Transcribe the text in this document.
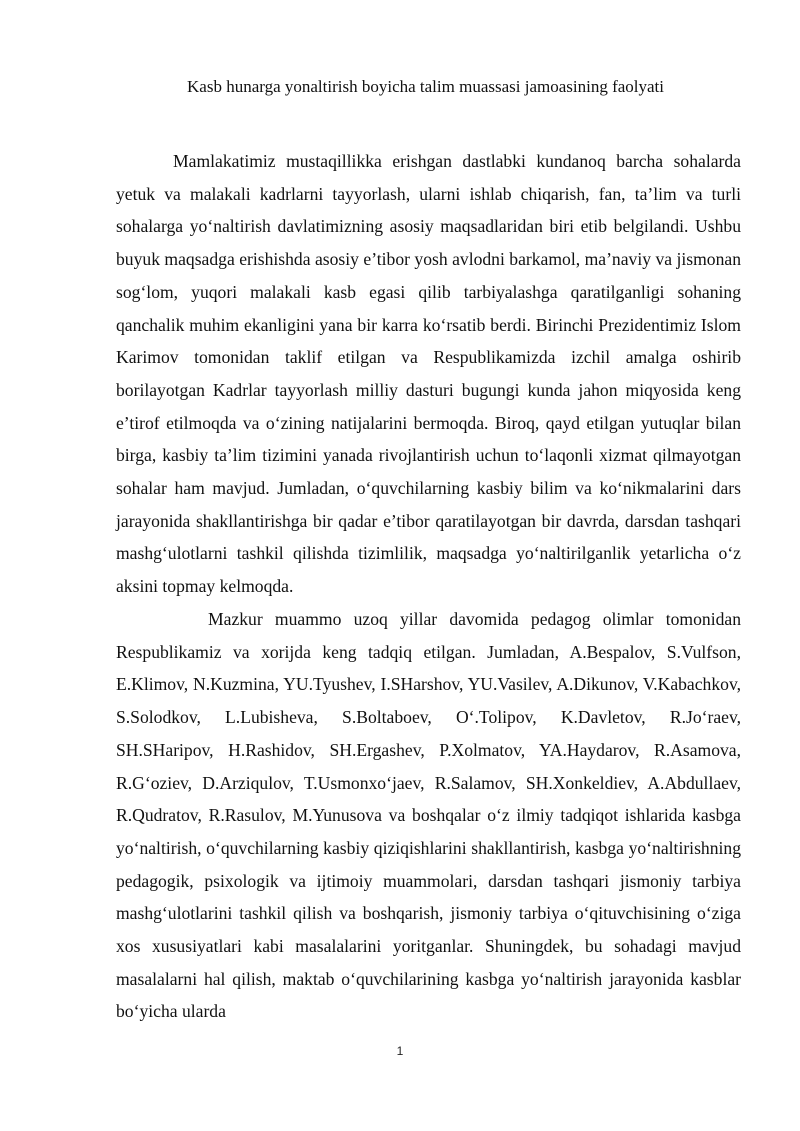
Kasb hunarga yonaltirish boyicha talim muassasi jamoasining faolyati

Mamlakatimiz mustaqillikka erishgan dastlabki kundanoq barcha sohalarda yetuk va malakali kadrlarni tayyorlash, ularni ishlab chiqarish, fan, ta’lim va turli sohalarga yo‘naltirish davlatimizning asosiy maqsadlaridan biri etib belgilandi. Ushbu buyuk maqsadga erishishda asosiy e’tibor yosh avlodni barkamol, ma’naviy va jismonan sog‘lom, yuqori malakali kasb egasi qilib tarbiyalashga qaratilganligi sohaning qanchalik muhim ekanligini yana bir karra ko‘rsatib berdi. Birinchi Prezidentimiz Islom Karimov tomonidan taklif etilgan va Respublikamizda izchil amalga oshirib borilayotgan Kadrlar tayyorlash milliy dasturi bugungi kunda jahon miqyosida keng e’tirof etilmoqda va o‘zining natijalarini bermoqda. Biroq, qayd etilgan yutuqlar bilan birga, kasbiy ta’lim tizimini yanada rivojlantirish uchun to‘laqonli xizmat qilmayotgan sohalar ham mavjud. Jumladan, o‘quvchilarning kasbiy bilim va ko‘nikmalarini dars jarayonida shakllantirishga bir qadar e’tibor qaratilayotgan bir davrda, darsdan tashqari mashg‘ulotlarni tashkil qilishda tizimlilik, maqsadga yo‘naltirilganlik yetarlicha o‘z aksini topmay kelmoqda.

Mazkur muammo uzoq yillar davomida pedagog olimlar tomonidan Respublikamiz va xorijda keng tadqiq etilgan. Jumladan, A.Bespalov, S.Vulfson, E.Klimov, N.Kuzmina, YU.Tyushev, I.SHarshov, YU.Vasilev, A.Dikunov, V.Kabachkov, S.Solodkov, L.Lubisheva, S.Boltaboev, O‘.Tolipov, K.Davletov, R.Jo‘raev, SH.SHaripov, H.Rashidov, SH.Ergashev, P.Xolmatov, YA.Haydarov, R.Asamova, R.G‘oziev, D.Arziqulov, T.Usmonxo‘jaev, R.Salamov, SH.Xonkeldiev, A.Abdullaev, R.Qudratov, R.Rasulov, M.Yunusova va boshqalar o‘z ilmiy tadqiqot ishlarida kasbga yo‘naltirish, o‘quvchilarning kasbiy qiziqishlarini shakllantirish, kasbga yo‘naltirishning pedagogik, psixologik va ijtimoiy muammolari, darsdan tashqari jismoniy tarbiya mashg‘ulotlarini tashkil qilish va boshqarish, jismoniy tarbiya o‘qituvchisining o‘ziga xos xususiyatlari kabi masalalarini yoritganlar. Shuningdek, bu sohadagi mavjud masalalarni hal qilish, maktab o‘quvchilarining kasbga yo‘naltirish jarayonida kasblar bo‘yicha ularda

1
